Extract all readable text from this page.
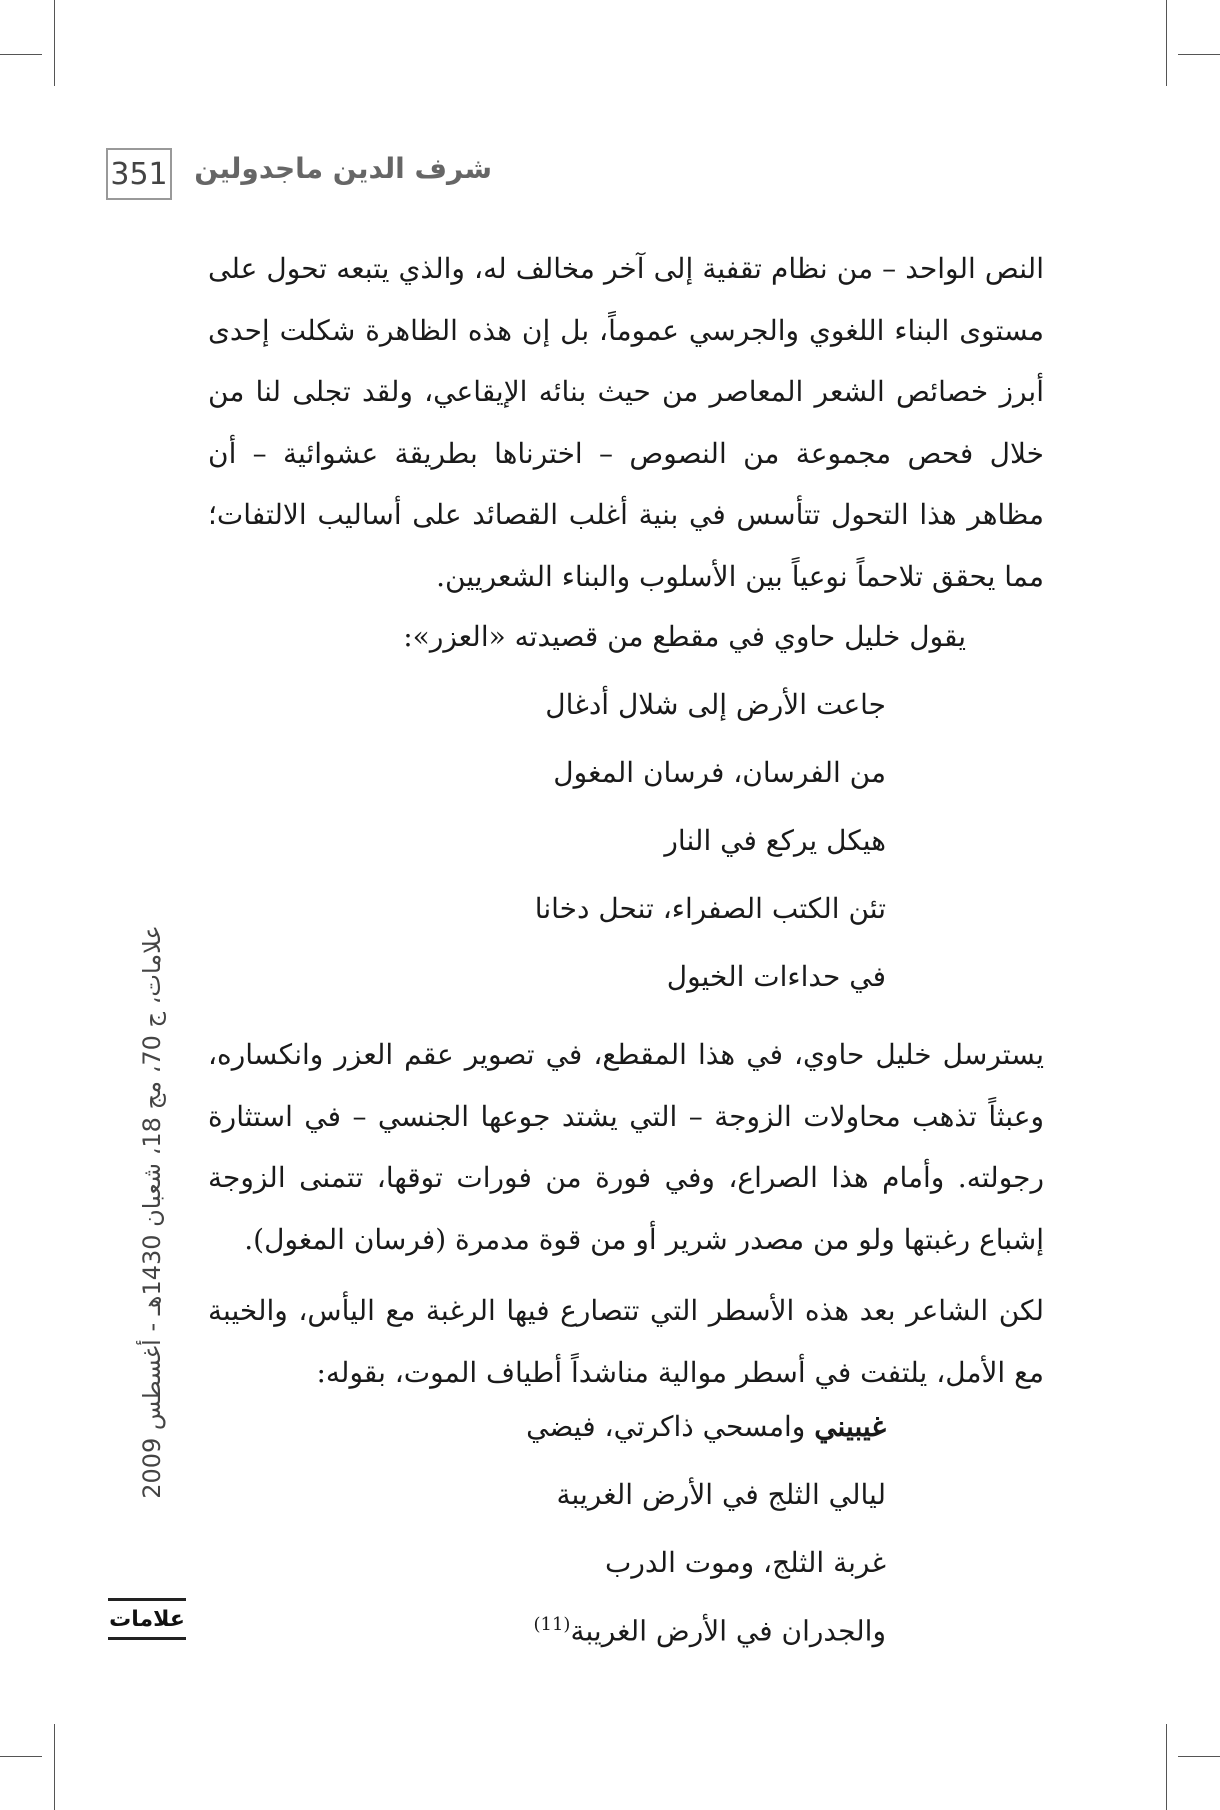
351 شرف الدين ماجدولين

النص الواحد – من نظام تقفية إلى آخر مخالف له، والذي يتبعه تحول على مستوى البناء اللغوي والجرسي عموماً، بل إن هذه الظاهرة شكلت إحدى أبرز خصائص الشعر المعاصر من حيث بنائه الإيقاعي، ولقد تجلى لنا من خلال فحص مجموعة من النصوص – اخترناها بطريقة عشوائية – أن مظاهر هذا التحول تتأسس في بنية أغلب القصائد على أساليب الالتفات؛ مما يحقق تلاحماً نوعياً بين الأسلوب والبناء الشعريين.

يقول خليل حاوي في مقطع من قصيدته «العزر»:
جاعت الأرض إلى شلال أدغال
من الفرسان، فرسان المغول
هيكل يركع في النار
تئن الكتب الصفراء، تنحل دخانا
في حداءات الخيول

يسترسل خليل حاوي، في هذا المقطع، في تصوير عقم العزر وانكساره، وعبثاً تذهب محاولات الزوجة – التي يشتد جوعها الجنسي – في استثارة رجولته. وأمام هذا الصراع، وفي فورة من فورات توقها، تتمنى الزوجة إشباع رغبتها ولو من مصدر شرير أو من قوة مدمرة (فرسان المغول).

لكن الشاعر بعد هذه الأسطر التي تتصارع فيها الرغبة مع اليأس، والخيبة مع الأمل، يلتفت في أسطر موالية مناشداً أطياف الموت، بقوله:

غيبيني وامسحي ذاكرتي، فيضي
ليالي الثلج في الأرض الغريبة
غربة الثلج، وموت الدرب
والجدران في الأرض الغريبة$^{(11)}$
علامات، ج 70، مج 18، شعبان 1430هـ - أغسطس 2009
علامات
